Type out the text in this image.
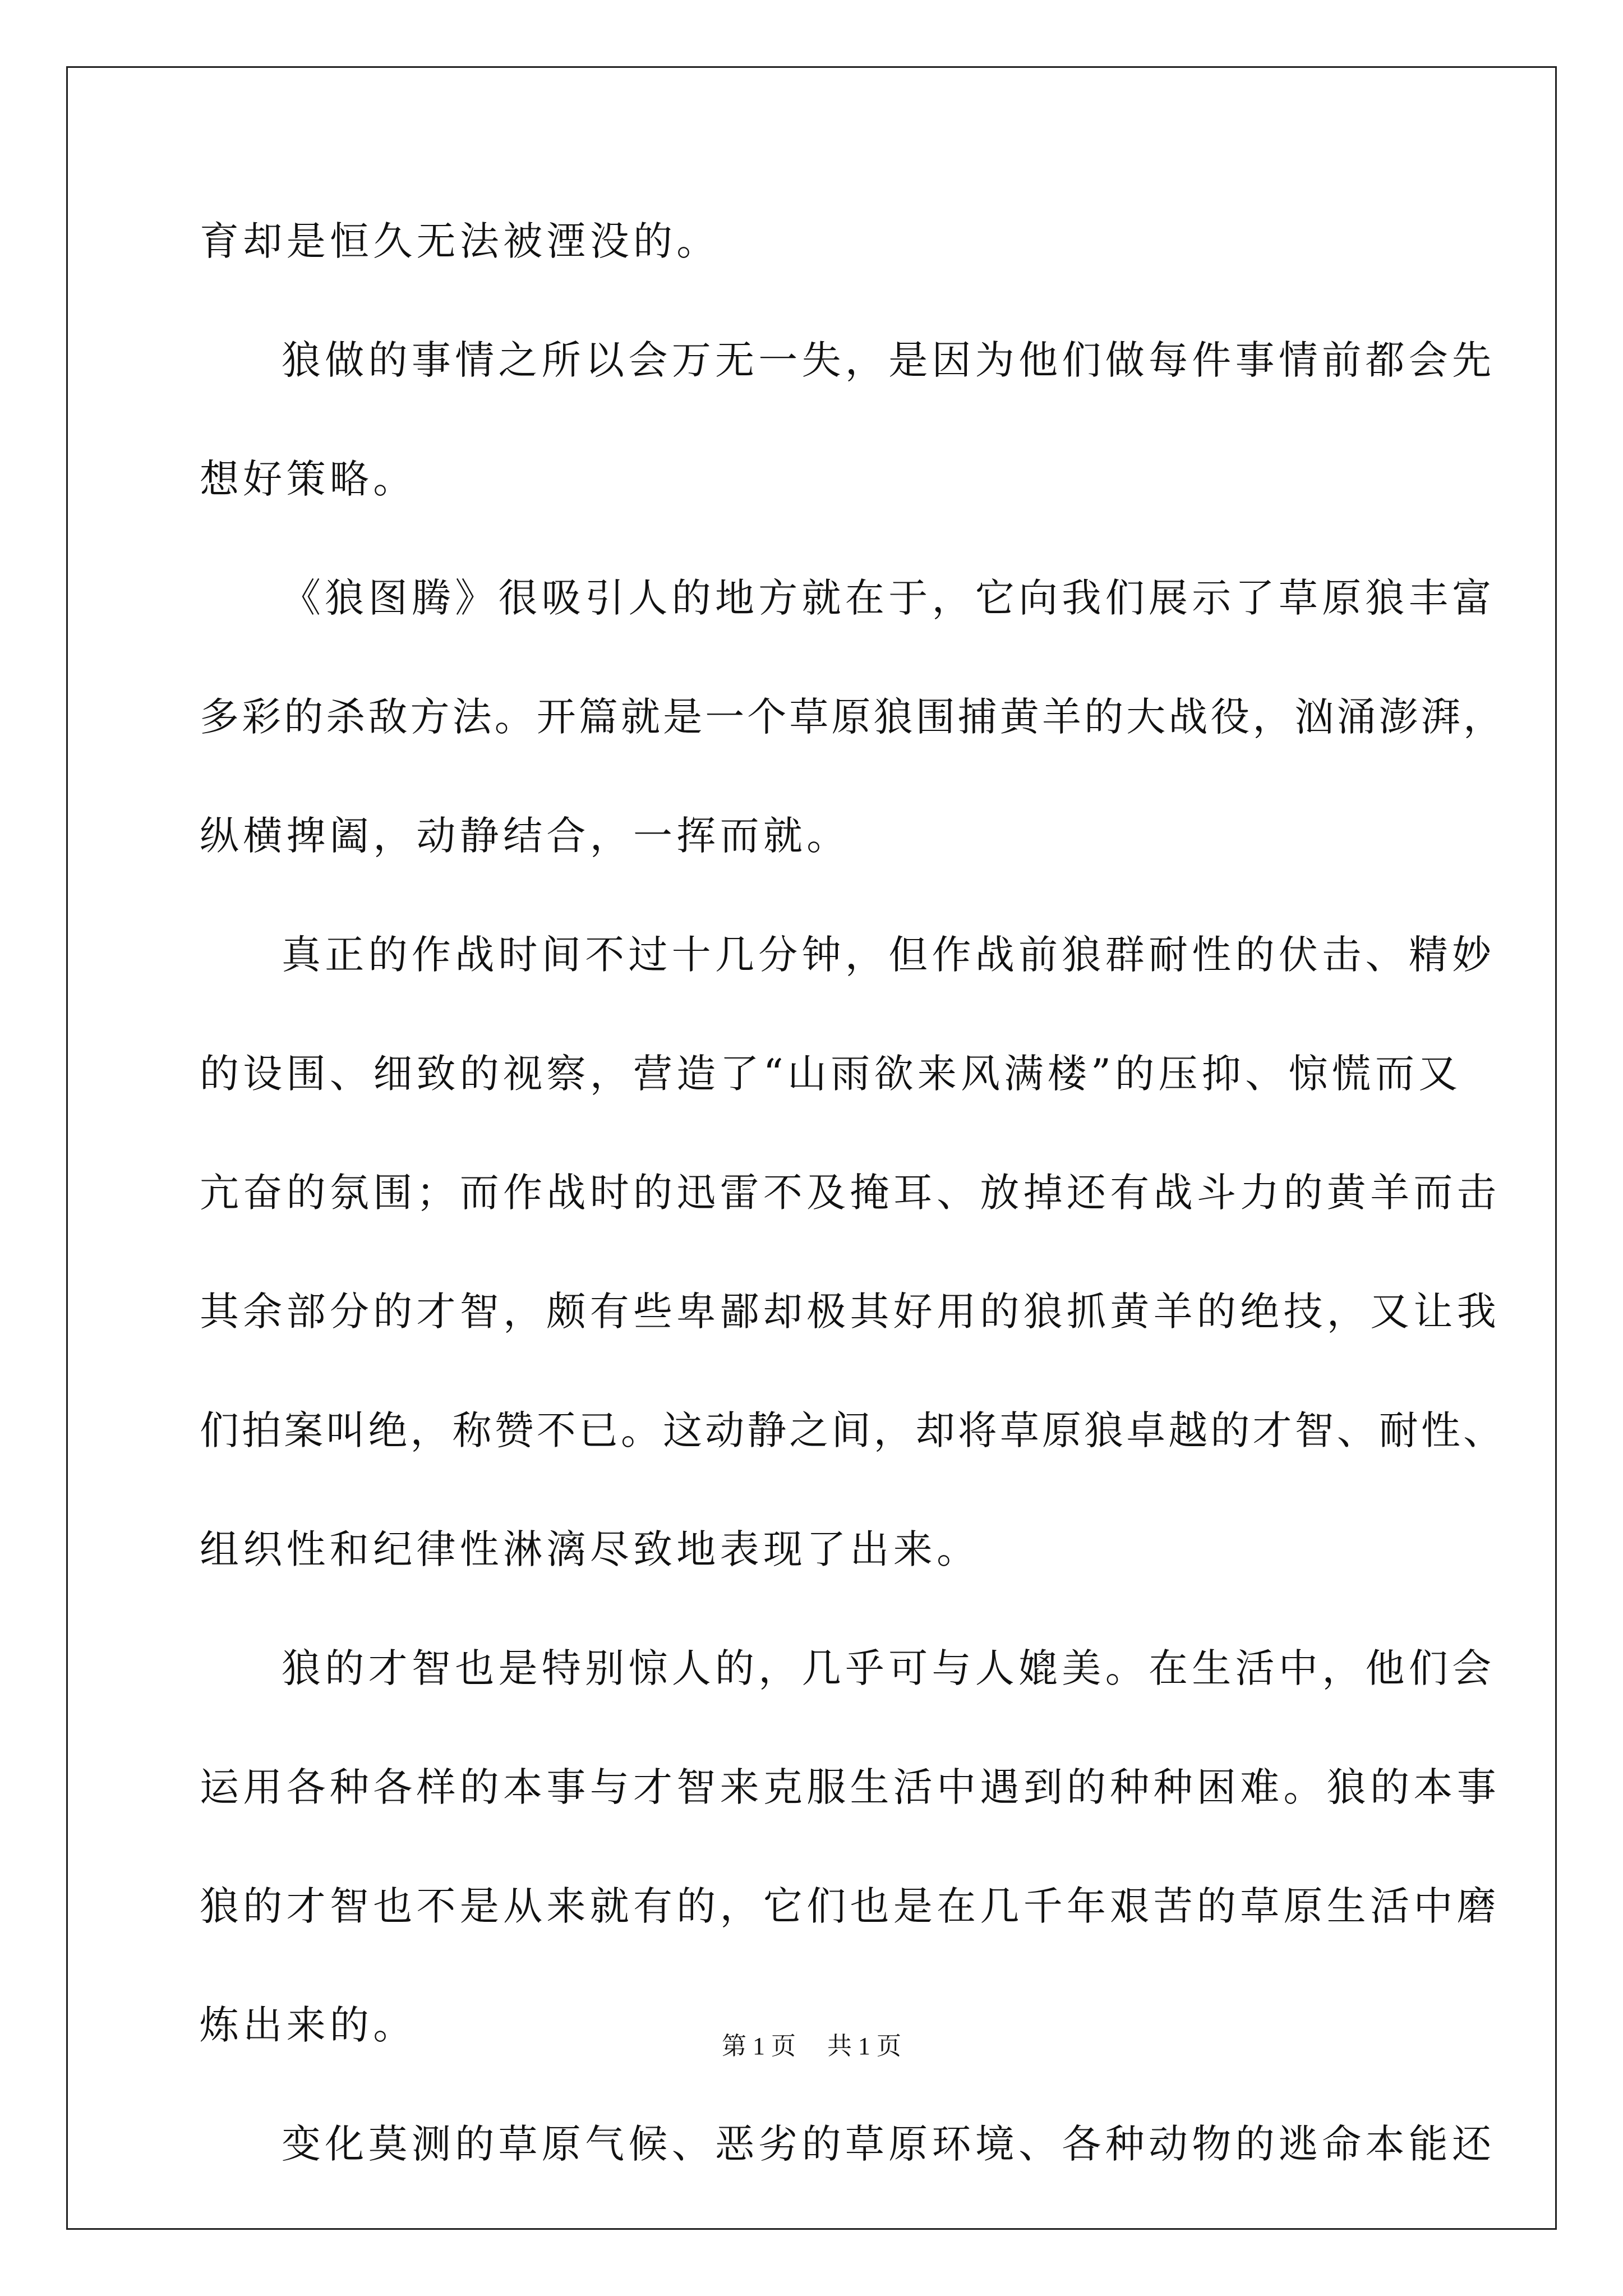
育却是恒久无法被湮没的。
狼做的事情之所以会万无一失，是因为他们做每件事情前都会先
想好策略。
《狼图腾》很吸引人的地方就在于，它向我们展示了草原狼丰富
多彩的杀敌方法。开篇就是一个草原狼围捕黄羊的大战役，汹涌澎湃，
纵横捭阖，动静结合，一挥而就。
真正的作战时间不过十几分钟，但作战前狼群耐性的伏击、精妙
的设围、细致的视察，营造了“山雨欲来风满楼”的压抑、惊慌而又
亢奋的氛围；而作战时的迅雷不及掩耳、放掉还有战斗力的黄羊而击
其余部分的才智，颇有些卑鄙却极其好用的狼抓黄羊的绝技，又让我
们拍案叫绝，称赞不已。这动静之间，却将草原狼卓越的才智、耐性、
组织性和纪律性淋漓尽致地表现了出来。
狼的才智也是特别惊人的，几乎可与人媲美。在生活中，他们会
运用各种各样的本事与才智来克服生活中遇到的种种困难。狼的本事
狼的才智也不是从来就有的，它们也是在几千年艰苦的草原生活中磨
炼出来的。
变化莫测的草原气候、恶劣的草原环境、各种动物的逃命本能还
第 1 页 共 1 页
